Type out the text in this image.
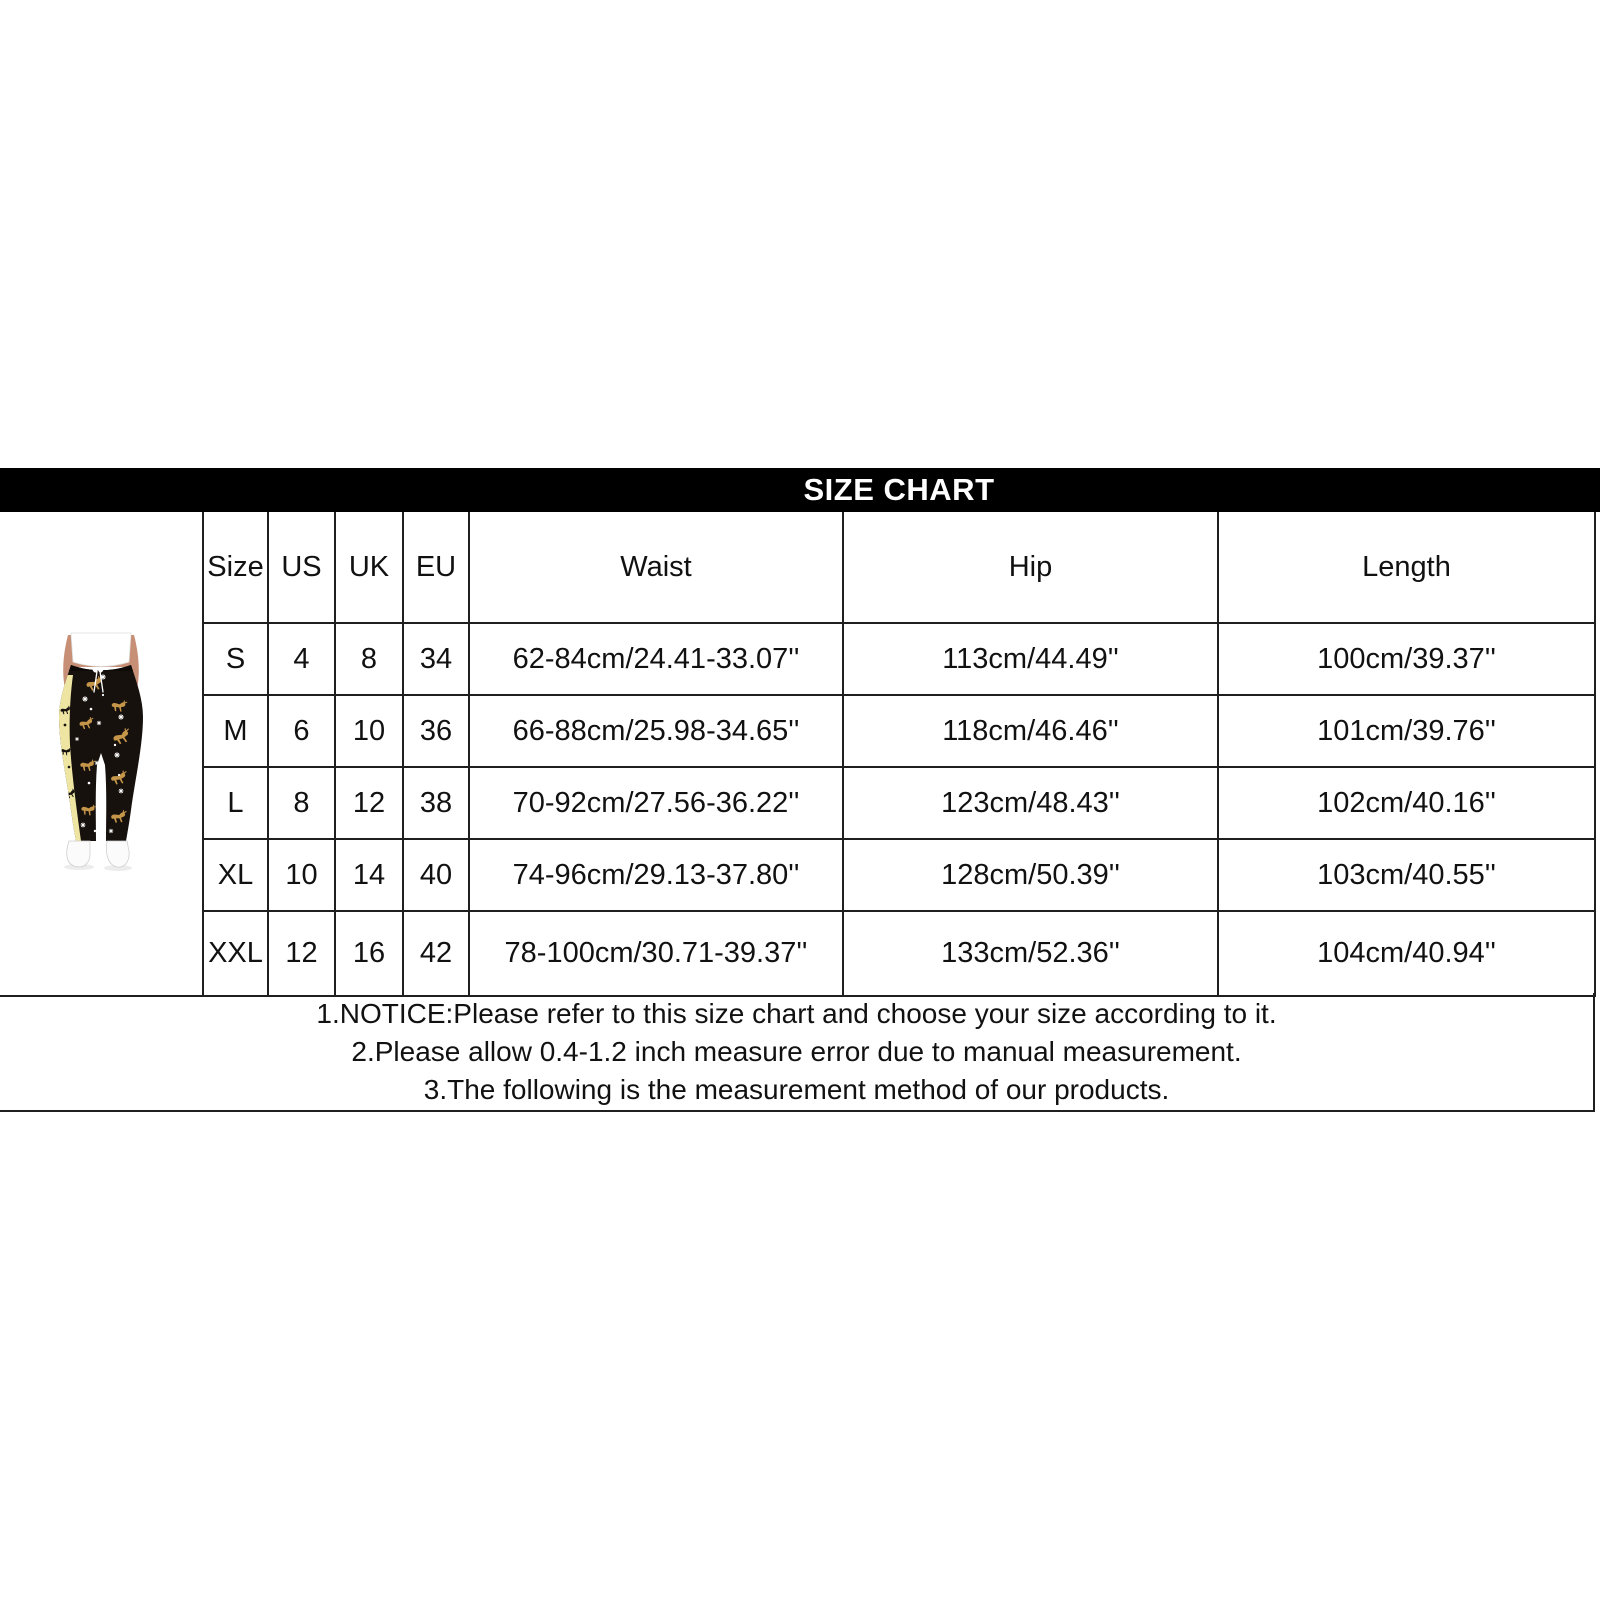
SIZE CHART
	Size	US	UK	EU	Waist	Hip	Length
	S	4	8	34	62-84cm/24.41-33.07''	113cm/44.49''	100cm/39.37''
	M	6	10	36	66-88cm/25.98-34.65''	118cm/46.46''	101cm/39.76''
	L	8	12	38	70-92cm/27.56-36.22''	123cm/48.43''	102cm/40.16''
	XL	10	14	40	74-96cm/29.13-37.80''	128cm/50.39''	103cm/40.55''
	XXL	12	16	42	78-100cm/30.71-39.37''	133cm/52.36''	104cm/40.94''
1.NOTICE:Please refer to this size chart and choose your size according to it.
2.Please allow 0.4-1.2 inch measure error due to manual measurement.
3.The following is the measurement method of our products.
